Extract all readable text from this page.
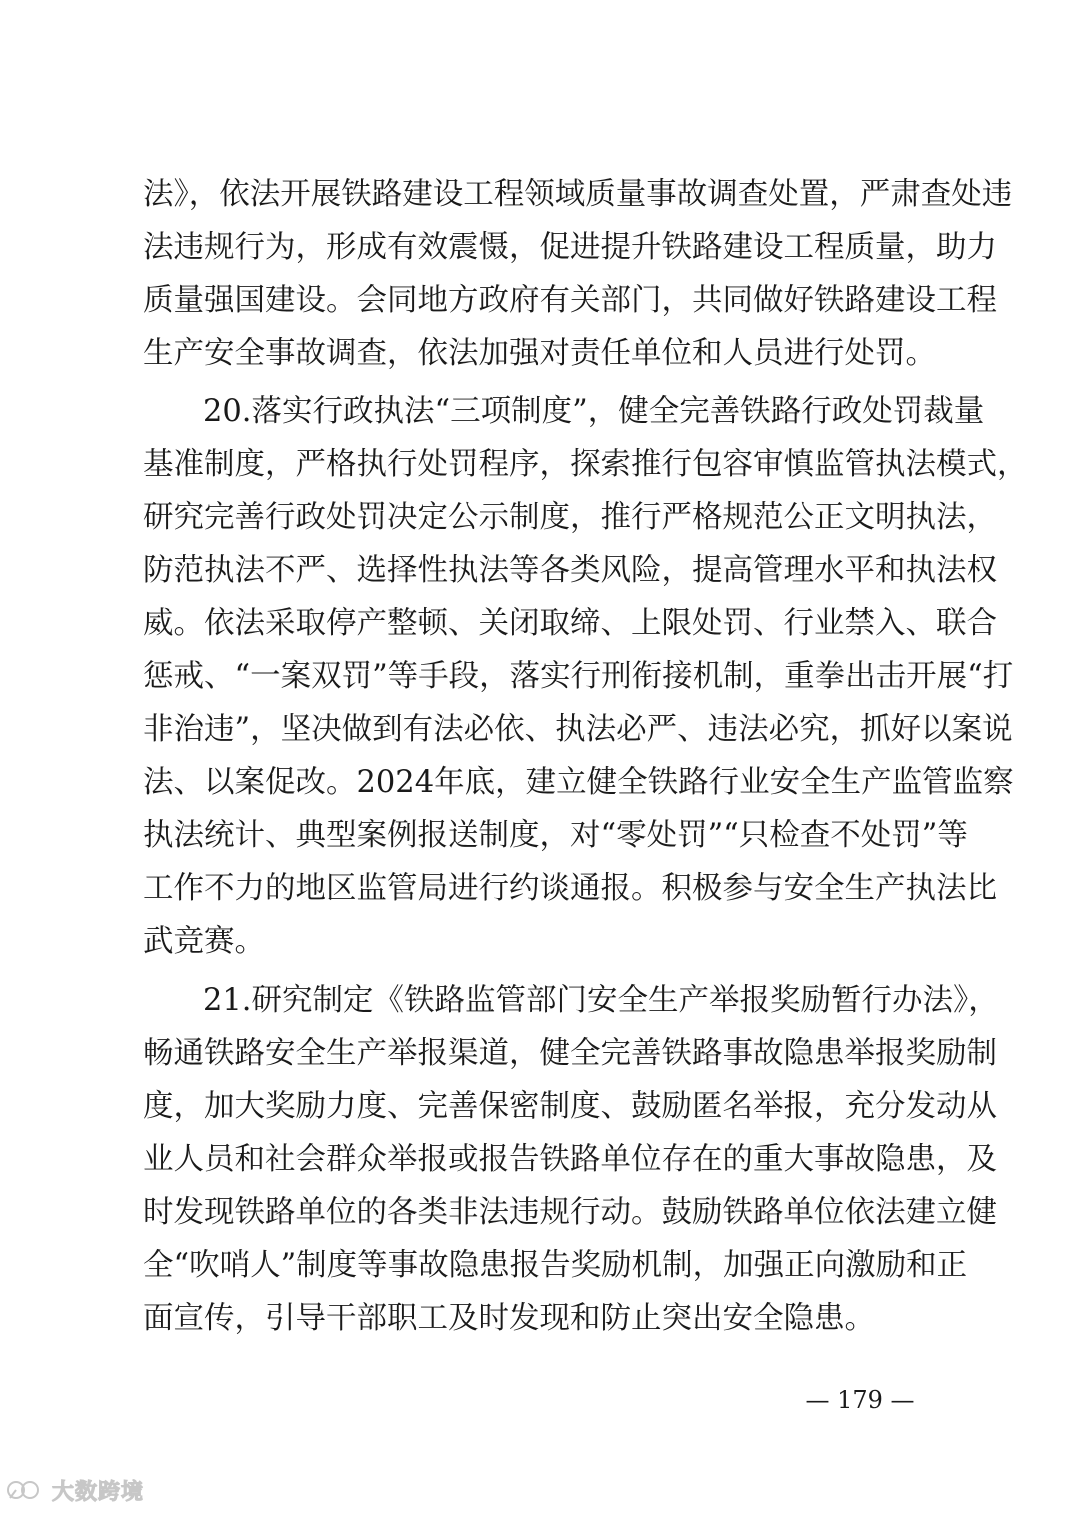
法》，依法开展铁路建设工程领域质量事故调查处置，严肃查处违
法违规行为，形成有效震慑，促进提升铁路建设工程质量，助力
质量强国建设。会同地方政府有关部门，共同做好铁路建设工程
生产安全事故调查，依法加强对责任单位和人员进行处罚。
20.落实行政执法“三项制度”，健全完善铁路行政处罚裁量
基准制度，严格执行处罚程序，探索推行包容审慎监管执法模式，
研究完善行政处罚决定公示制度，推行严格规范公正文明执法，
防范执法不严、选择性执法等各类风险，提高管理水平和执法权
威。依法采取停产整顿、关闭取缔、上限处罚、行业禁入、联合
惩戒、“一案双罚”等手段，落实行刑衔接机制，重拳出击开展“打
非治违”，坚决做到有法必依、执法必严、违法必究，抓好以案说
法、以案促改。2024年底，建立健全铁路行业安全生产监管监察
执法统计、典型案例报送制度，对“零处罚”“只检查不处罚”等
工作不力的地区监管局进行约谈通报。积极参与安全生产执法比
武竞赛。
21.研究制定《铁路监管部门安全生产举报奖励暂行办法》，
畅通铁路安全生产举报渠道，健全完善铁路事故隐患举报奖励制
度，加大奖励力度、完善保密制度、鼓励匿名举报，充分发动从
业人员和社会群众举报或报告铁路单位存在的重大事故隐患，及
时发现铁路单位的各类非法违规行动。鼓励铁路单位依法建立健
全“吹哨人”制度等事故隐患报告奖励机制，加强正向激励和正
面宣传，引导干部职工及时发现和防止突出安全隐患。
— 179 —
大数跨境
